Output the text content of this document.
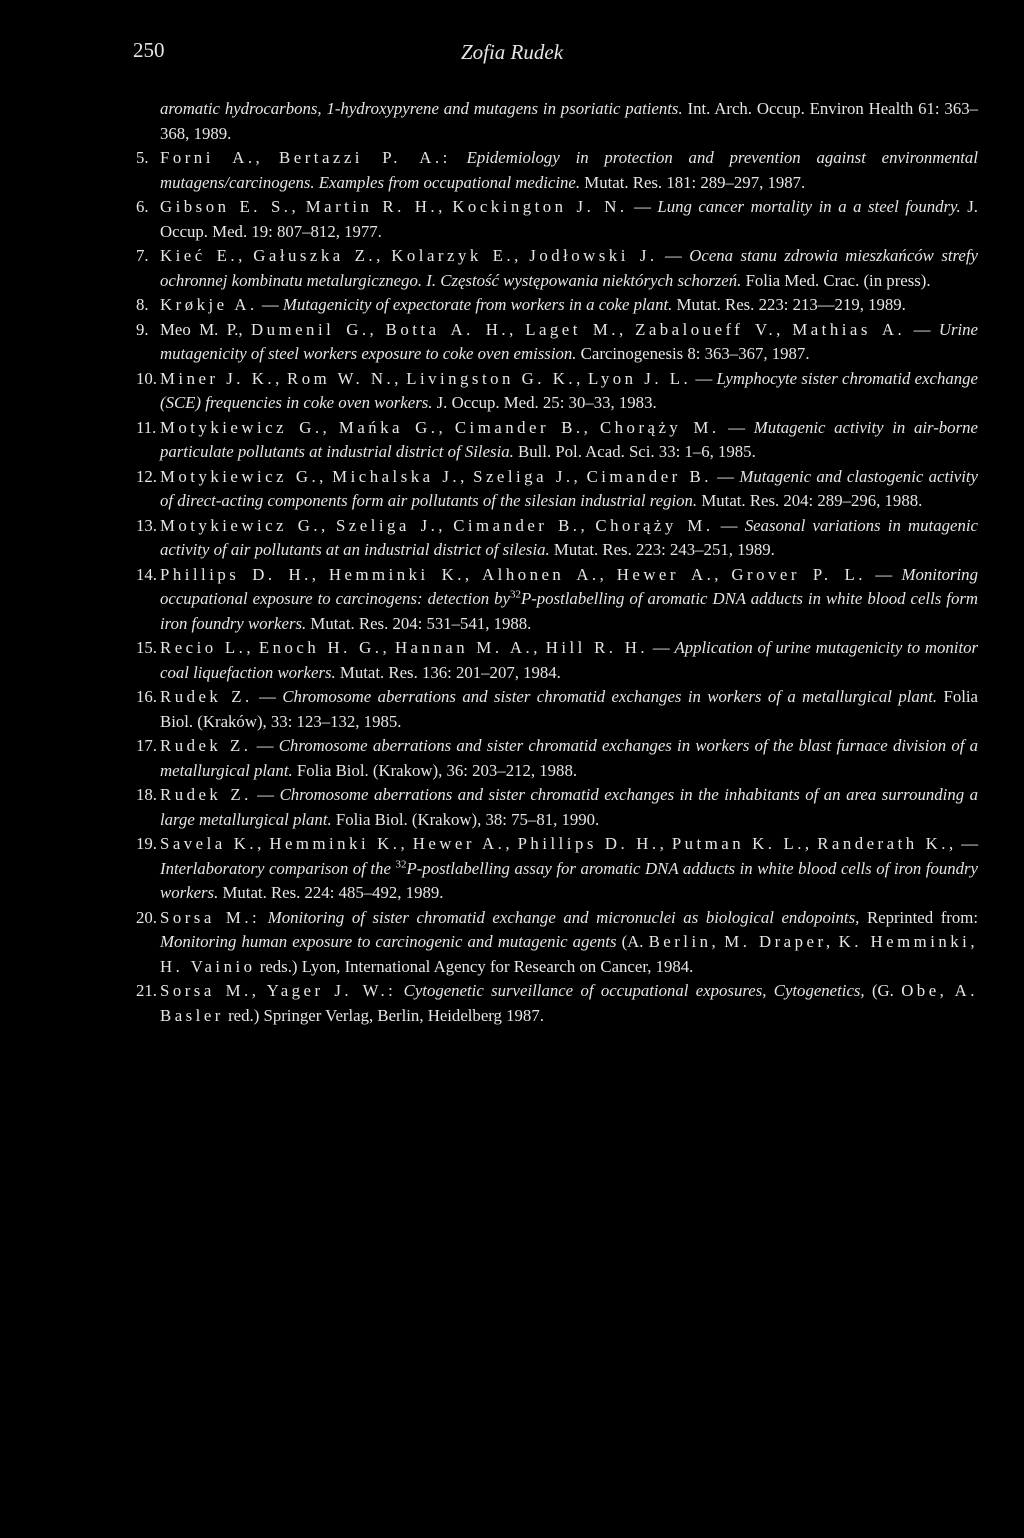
250	Zofia Rudek

aromatic hydrocarbons, 1-hydroxypyrene and mutagens in psoriatic patients. Int. Arch. Occup. Environ Health 61: 363–368, 1989.

5. Forni A., Bertazzi P. A.: Epidemiology in protection and prevention against environmental mutagens/carcinogens. Examples from occupational medicine. Mutat. Res. 181: 289–297, 1987.

6. Gibson E. S., Martin R. H., Kockington J. N. — Lung cancer mortality in a a steel foundry. J. Occup. Med. 19: 807–812, 1977.

7. Kieć E., Gałuszka Z., Kolarzyk E., Jodłowski J. — Ocena stanu zdrowia mieszkańców strefy ochronnej kombinatu metalurgicznego. I. Częstość występowania niektórych schorzeń. Folia Med. Crac. (in press).

8. Krøkje A. — Mutagenicity of expectorate from workers in a coke plant. Mutat. Res. 223: 213—219, 1989.

9. Meo M. P., Dumenil G., Botta A. H., Laget M., Zabaloueff V., Mathias A. — Urine mutagenicity of steel workers exposure to coke oven emission. Carcinogenesis 8: 363–367, 1987.

10. Miner J. K., Rom W. N., Livingston G. K., Lyon J. L. — Lymphocyte sister chromatid exchange (SCE) frequencies in coke oven workers. J. Occup. Med. 25: 30–33, 1983.

11. Motykiewicz G., Mańka G., Cimander B., Chorąży M. — Mutagenic activity in air-borne particulate pollutants at industrial district of Silesia. Bull. Pol. Acad. Sci. 33: 1–6, 1985.

12. Motykiewicz G., Michalska J., Szeliga J., Cimander B. — Mutagenic and clastogenic activity of direct-acting components form air pollutants of the silesian industrial region. Mutat. Res. 204: 289–296, 1988.

13. Motykiewicz G., Szeliga J., Cimander B., Chorąży M. — Seasonal variations in mutagenic activity of air pollutants at an industrial district of silesia. Mutat. Res. 223: 243–251, 1989.

14. Phillips D. H., Hemminki K., Alhonen A., Hewer A., Grover P. L. — Monitoring occupational exposure to carcinogens: detection $by^{32}P$-postlabelling of aromatic DNA adducts in white blood cells form iron foundry workers. Mutat. Res. 204: 531–541, 1988.

15. Recio L., Enoch H. G., Hannan M. A., Hill R. H. — Application of urine mutagenicity to monitor coal liquefaction workers. Mutat. Res. 136: 201–207, 1984.

16. Rudek Z. — Chromosome aberrations and sister chromatid exchanges in workers of a metallurgical plant. Folia Biol. (Kraków), 33: 123–132, 1985.

17. Rudek Z. — Chromosome aberrations and sister chromatid exchanges in workers of the blast furnace division of a metallurgical plant. Folia Biol. (Krakow), 36: 203–212, 1988.

18. Rudek Z. — Chromosome aberrations and sister chromatid exchanges in the inhabitants of an area surrounding a large metallurgical plant. Folia Biol. (Krakow), 38: 75–81, 1990.

19. Savela K., Hemminki K., Hewer A., Phillips D. H., Putman K. L., Randerath K., — Interlaboratory comparison of the $^{32}$P-postlabelling assay for aromatic DNA adducts in white blood cells of iron foundry workers. Mutat. Res. 224: 485–492, 1989.

20. Sorsa M.: Monitoring of sister chromatid exchange and micronuclei as biological endopoints, Reprinted from: Monitoring human exposure to carcinogenic and mutagenic agents (A. Berlin, M. Draper, K. Hemminki, H. Vainio reds.) Lyon, International Agency for Research on Cancer, 1984.

21. Sorsa M., Yager J. W.: Cytogenetic surveillance of occupational exposures, Cytogenetics, (G. Obe, A. Basler red.) Springer Verlag, Berlin, Heidelberg 1987.
